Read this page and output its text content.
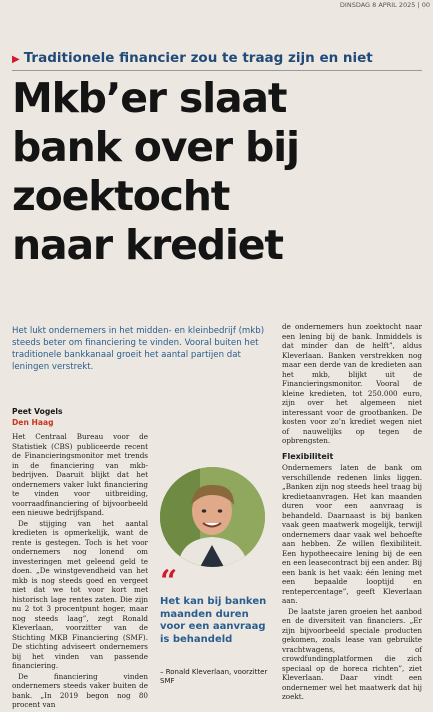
DINSDAG 8 APRIL 2025 | 00
▶ Traditionele financier zou te traag zijn en niet
Mkb’er slaat
bank over bij
zoektocht
naar krediet
Het lukt ondernemers in het midden- en kleinbedrijf (mkb) steeds beter om financiering te vinden. Vooral buiten het traditionele bankkanaal groeit het aantal partijen dat leningen verstrekt.
Peet Vogels
Den Haag

Het Centraal Bureau voor de Statistiek (CBS) publiceerde recent de Financieringsmonitor met trends in de financiering van mkb-bedrijven. Daaruit blijkt dat het ondernemers vaker lukt financiering te vinden voor uitbreiding, voorraadfinanciering of bijvoorbeeld een nieuwe bedrijfspand.

De stijging van het aantal kredieten is opmerkelijk, want de rente is gestegen. Toch is het voor ondernemers nog lonend om investeringen met geleend geld te doen. „De winstgevendheid van het mkb is nog steeds goed en vergeet niet dat we tot voor kort met historisch lage rentes zaten. Die zijn nu 2 tot 3 procentpunt hoger, maar nog steeds laag”, zegt Ronald Kleverlaan, voorzitter van de Stichting MKB Financiering (SMF). De stichting adviseert ondernemers bij het vinden van passende financiering.

De financiering vinden ondernemers steeds vaker buiten de bank. „In 2019 begon nog 80 procent van

“
Het kan bij banken maanden duren voor een aanvraag is behandeld
– Ronald Kleverlaan, voorzitter SMF

de ondernemers hun zoektocht naar een lening bij de bank. Inmiddels is dat minder dan de helft”, aldus Kleverlaan. Banken verstrekken nog maar een derde van de kredieten aan het mkb, blijkt uit de Financieringsmonitor. Vooral de kleine kredieten, tot 250.000 euro, zijn over het algemeen niet interessant voor de grootbanken. De kosten voor zo’n krediet wegen niet of nauwelijks op tegen de opbrengsten.

Flexibiliteit

Ondernemers laten de bank om verschillende redenen links liggen. „Banken zijn nog steeds heel traag bij kredietaanvragen. Het kan maanden duren voor een aanvraag is behandeld. Daarnaast is bij banken vaak geen maatwerk mogelijk, terwijl ondernemers daar vaak wel behoefte aan hebben. Ze willen flexibiliteit. Een hypotheecaire lening bij de een en een leasecontract bij een ander. Bij een bank is het vaak: één lening met een bepaalde looptijd en rentepercentage”, geeft Kleverlaan aan.

De laatste jaren groeien het aanbod en de diversiteit van financiers. „Er zijn bijvoorbeeld speciale producten gekomen, zoals lease van gebruikte vrachtwagens, of crowdfundingplatformen die zich speciaal op de horeca richten”, ziet Kleverlaan. Daar vindt een ondernemer wel het maatwerk dat hij zoekt.
